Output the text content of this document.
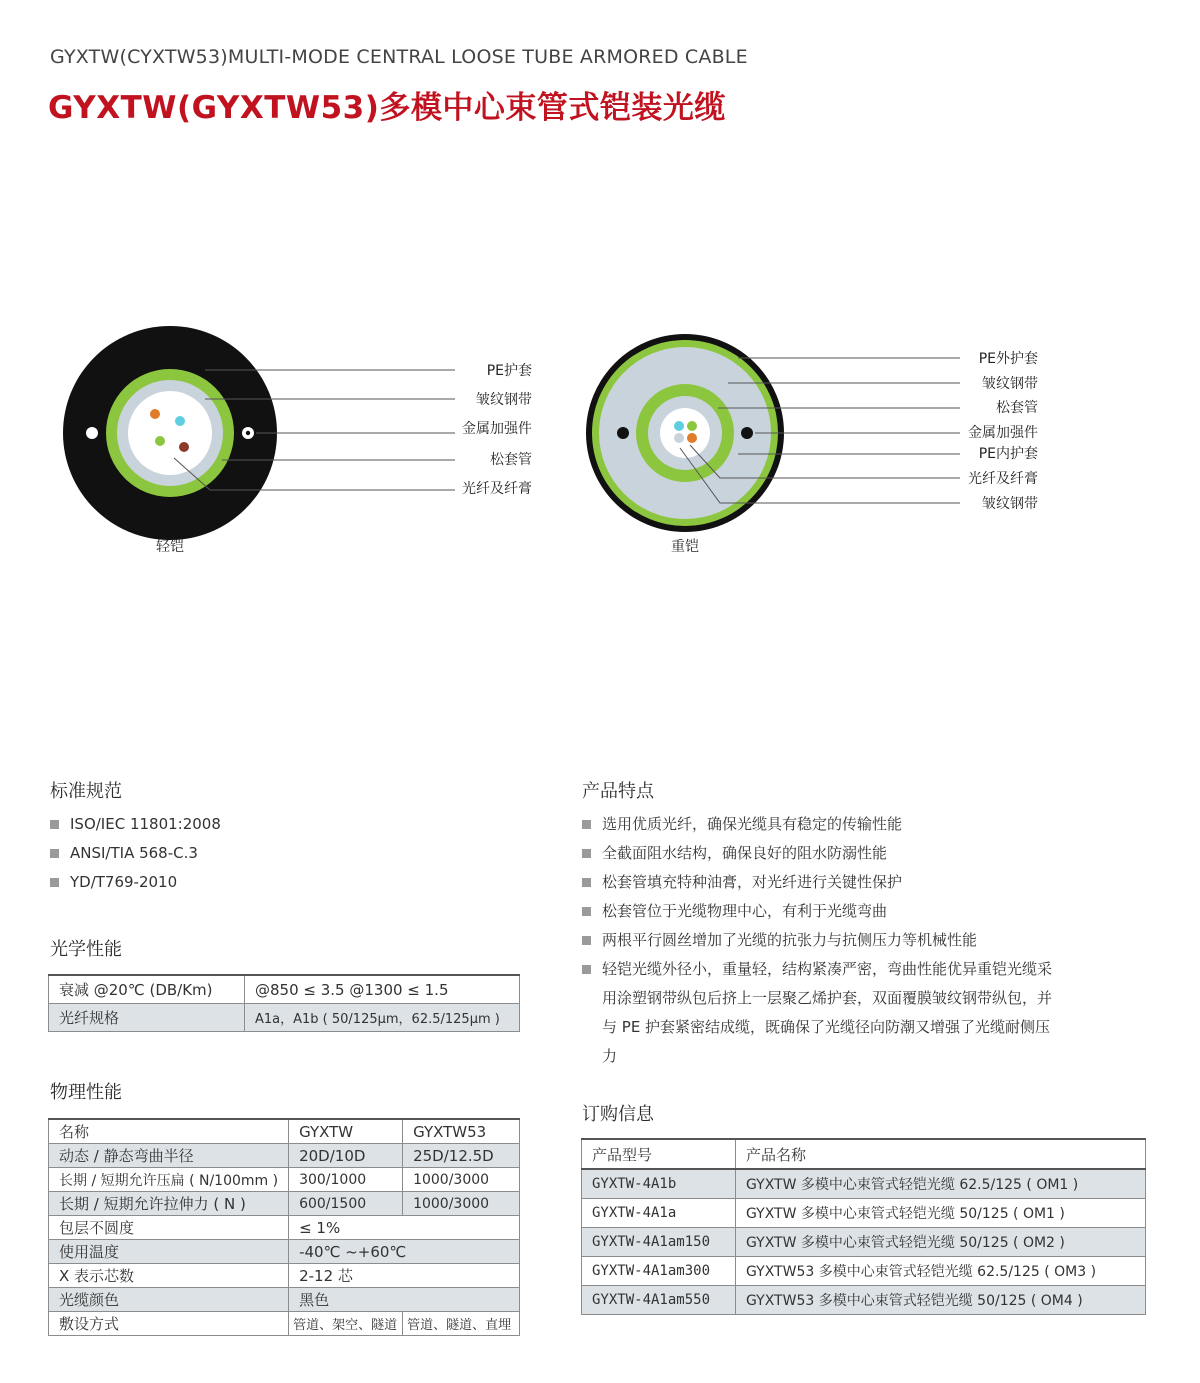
GYXTW(CYXTW53)MULTI-MODE CENTRAL LOOSE TUBE ARMORED CABLE
GYXTW(GYXTW53)多模中心束管式铠装光缆
PE护套
皱纹钢带
金属加强件
松套管
光纤及纤膏
轻铠
PE外护套
皱纹钢带
松套管
金属加强件
PE内护套
光纤及纤膏
皱纹钢带
重铠
标准规范
ISO/IEC 11801:2008
ANSI/TIA 568-C.3
YD/T769-2010
光学性能
衰减 @20℃ (DB/Km)	@850 ≤ 3.5 @1300 ≤ 1.5
光纤规格	A1a，A1b ( 50/125μm，62.5/125μm )
物理性能
名称	GYXTW	GYXTW53
动态 / 静态弯曲半径	20D/10D	25D/12.5D
长期 / 短期允许压扁 ( N/100mm )	300/1000	1000/3000
长期 / 短期允许拉伸力 ( N )	600/1500	1000/3000
包层不圆度	≤ 1%	
使用温度	-40℃ ~+60℃	
X 表示芯数	2-12 芯	
光缆颜色	黑色	
敷设方式	管道、架空、隧道	管道、隧道、直埋
产品特点
选用优质光纤，确保光缆具有稳定的传输性能
全截面阻水结构，确保良好的阻水防溺性能
松套管填充特种油膏，对光纤进行关键性保护
松套管位于光缆物理中心，有利于光缆弯曲
两根平行圆丝增加了光缆的抗张力与抗侧压力等机械性能
轻铠光缆外径小，重量轻，结构紧凑严密，弯曲性能优异重铠光缆采用涂塑钢带纵包后挤上一层聚乙烯护套，双面覆膜皱纹钢带纵包，并与 PE 护套紧密结成缆，既确保了光缆径向防潮又增强了光缆耐侧压力
订购信息
产品型号	产品名称
GYXTW-4A1b	GYXTW 多模中心束管式轻铠光缆 62.5/125 ( OM1 )
GYXTW-4A1a	GYXTW 多模中心束管式轻铠光缆 50/125 ( OM1 )
GYXTW-4A1am150	GYXTW 多模中心束管式轻铠光缆 50/125 ( OM2 )
GYXTW-4A1am300	GYXTW53 多模中心束管式轻铠光缆 62.5/125 ( OM3 )
GYXTW-4A1am550	GYXTW53 多模中心束管式轻铠光缆 50/125 ( OM4 )
